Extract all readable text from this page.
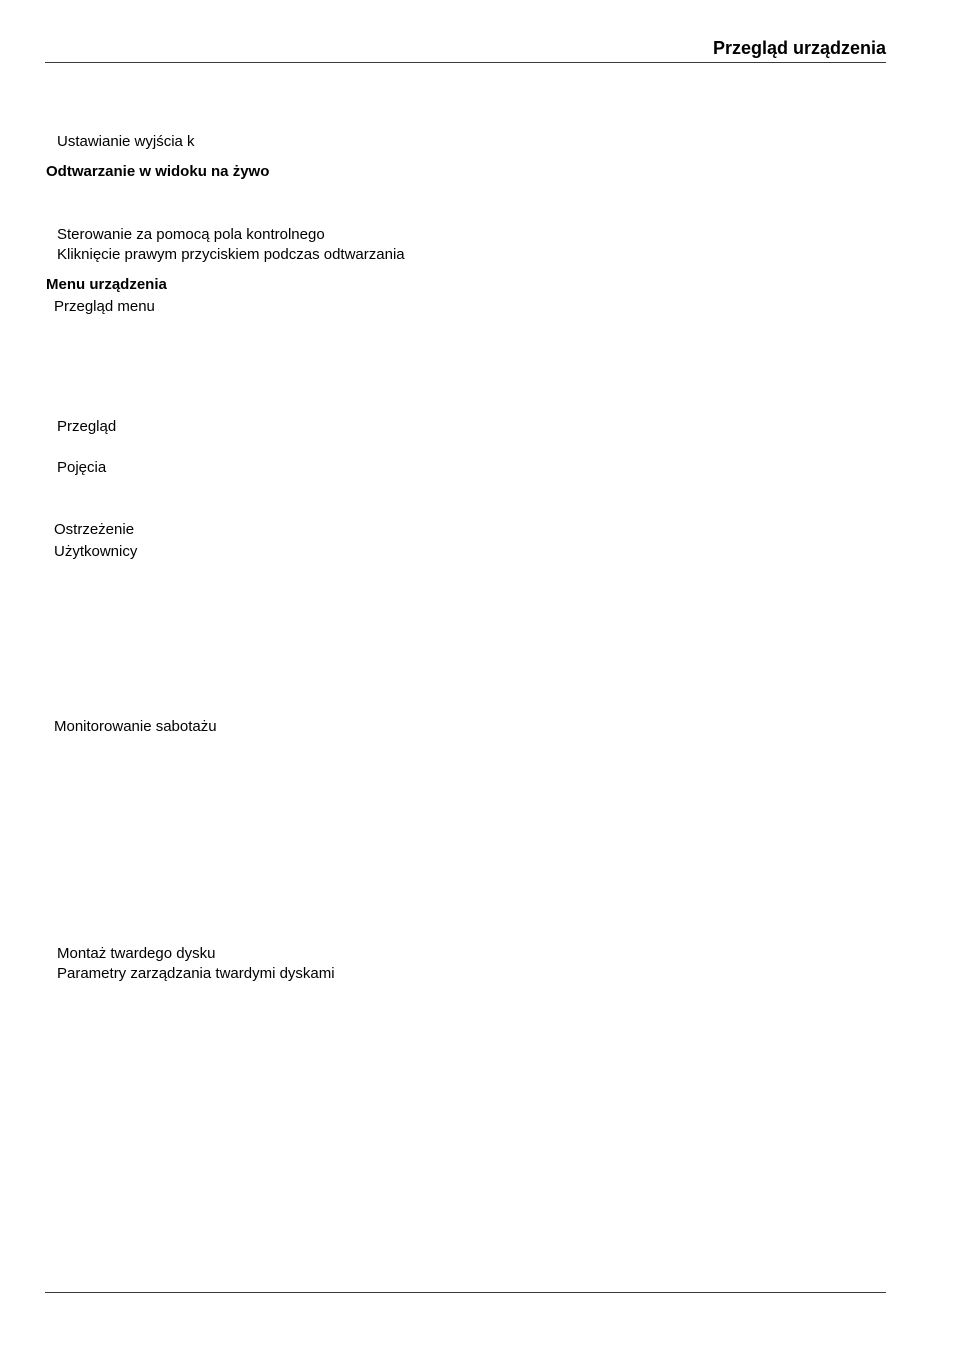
Przegląd urządzenia
Ustawianie wyjścia k
Odtwarzanie w widoku na żywo
Sterowanie za pomocą pola kontrolnego
Kliknięcie prawym przyciskiem podczas odtwarzania
Menu urządzenia
Przegląd menu
Przegląd
Pojęcia
Ostrzeżenie
Użytkownicy
Monitorowanie sabotażu
Montaż twardego dysku
Parametry zarządzania twardymi dyskami
